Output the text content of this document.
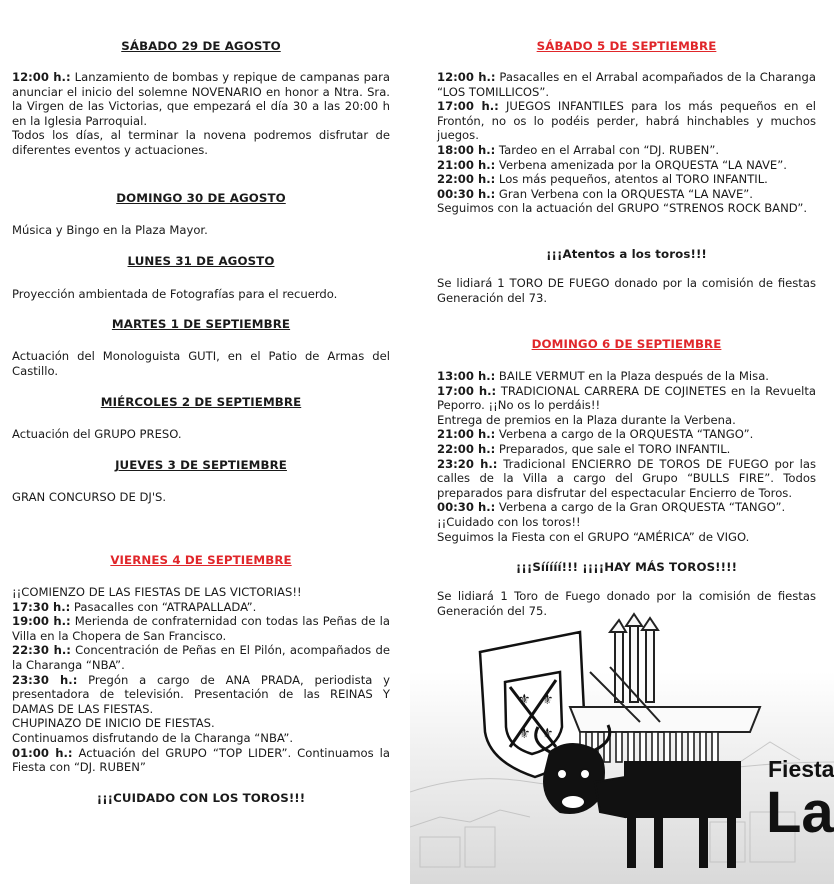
SÁBADO 29 DE AGOSTO
12:00 h.: Lanzamiento de bombas y repique de campanas para anunciar el inicio del solemne NOVENARIO en honor a Ntra. Sra. la Virgen de las Victorias, que empezará el día 30 a las 20:00 h en la Iglesia Parroquial.
Todos los días, al terminar la novena podremos disfrutar de diferentes eventos y actuaciones.
DOMINGO 30 DE AGOSTO
Música y Bingo en la Plaza Mayor.
LUNES 31 DE AGOSTO
Proyección ambientada de Fotografías para el recuerdo.
MARTES 1 DE SEPTIEMBRE
Actuación del Monologuista GUTI, en el Patio de Armas del Castillo.
MIÉRCOLES 2 DE SEPTIEMBRE
Actuación del GRUPO PRESO.
JUEVES 3 DE SEPTIEMBRE
GRAN CONCURSO DE DJ'S.
VIERNES 4 DE SEPTIEMBRE
¡¡COMIENZO DE LAS FIESTAS DE LAS VICTORIAS!!
17:30 h.: Pasacalles con “ATRAPALLADA”.
19:00 h.: Merienda de confraternidad con todas las Peñas de la Villa en la Chopera de San Francisco.
22:30 h.: Concentración de Peñas en El Pilón, acompañados de la Charanga “NBA”.
23:30 h.: Pregón a cargo de ANA PRADA, periodista y presentadora de televisión. Presentación de las REINAS Y DAMAS DE LAS FIESTAS.
CHUPINAZO DE INICIO DE FIESTAS.
Continuamos disfrutando de la Charanga “NBA”.
01:00 h.: Actuación del GRUPO “TOP LIDER”. Continuamos la Fiesta con “DJ. RUBEN”
¡¡¡CUIDADO CON LOS TOROS!!!
SÁBADO 5 DE SEPTIEMBRE
12:00 h.: Pasacalles en el Arrabal acompañados de la Charanga “LOS TOMILLICOS”.
17:00 h.: JUEGOS INFANTILES para los más pequeños en el Frontón, no os lo podéis perder, habrá hinchables y muchos juegos.
18:00 h.: Tardeo en el Arrabal con “DJ. RUBEN”.
21:00 h.: Verbena amenizada por la ORQUESTA “LA NAVE”.
22:00 h.: Los más pequeños, atentos al TORO INFANTIL.
00:30 h.: Gran Verbena con la ORQUESTA “LA NAVE”.
Seguimos con la actuación del GRUPO “STRENOS ROCK BAND”.
¡¡¡Atentos a los toros!!!
Se lidiará 1 TORO DE FUEGO donado por la comisión de fiestas Generación del 73.
DOMINGO 6 DE SEPTIEMBRE
13:00 h.: BAILE VERMUT en la Plaza después de la Misa.
17:00 h.: TRADICIONAL CARRERA DE COJINETES en la Revuelta Peporro. ¡¡No os lo perdáis!!
Entrega de premios en la Plaza durante la Verbena.
21:00 h.: Verbena a cargo de la ORQUESTA “TANGO”.
22:00 h.: Preparados, que sale el TORO INFANTIL.
23:20 h.: Tradicional ENCIERRO DE TOROS DE FUEGO por las calles de la Villa a cargo del Grupo “BULLS FIRE”. Todos preparados para disfrutar del espectacular Encierro de Toros.
00:30 h.: Verbena a cargo de la Gran ORQUESTA “TANGO”.
¡¡Cuidado con los toros!!
Seguimos la Fiesta con el GRUPO “AMÉRICA” de VIGO.
¡¡¡Sííííí!!! ¡¡¡¡HAY MÁS TOROS!!!!
Se lidiará 1 Toro de Fuego donado por la comisión de fiestas Generación del 75.
⚜ ⚜
⚜ ⚜
Fiesta
La
